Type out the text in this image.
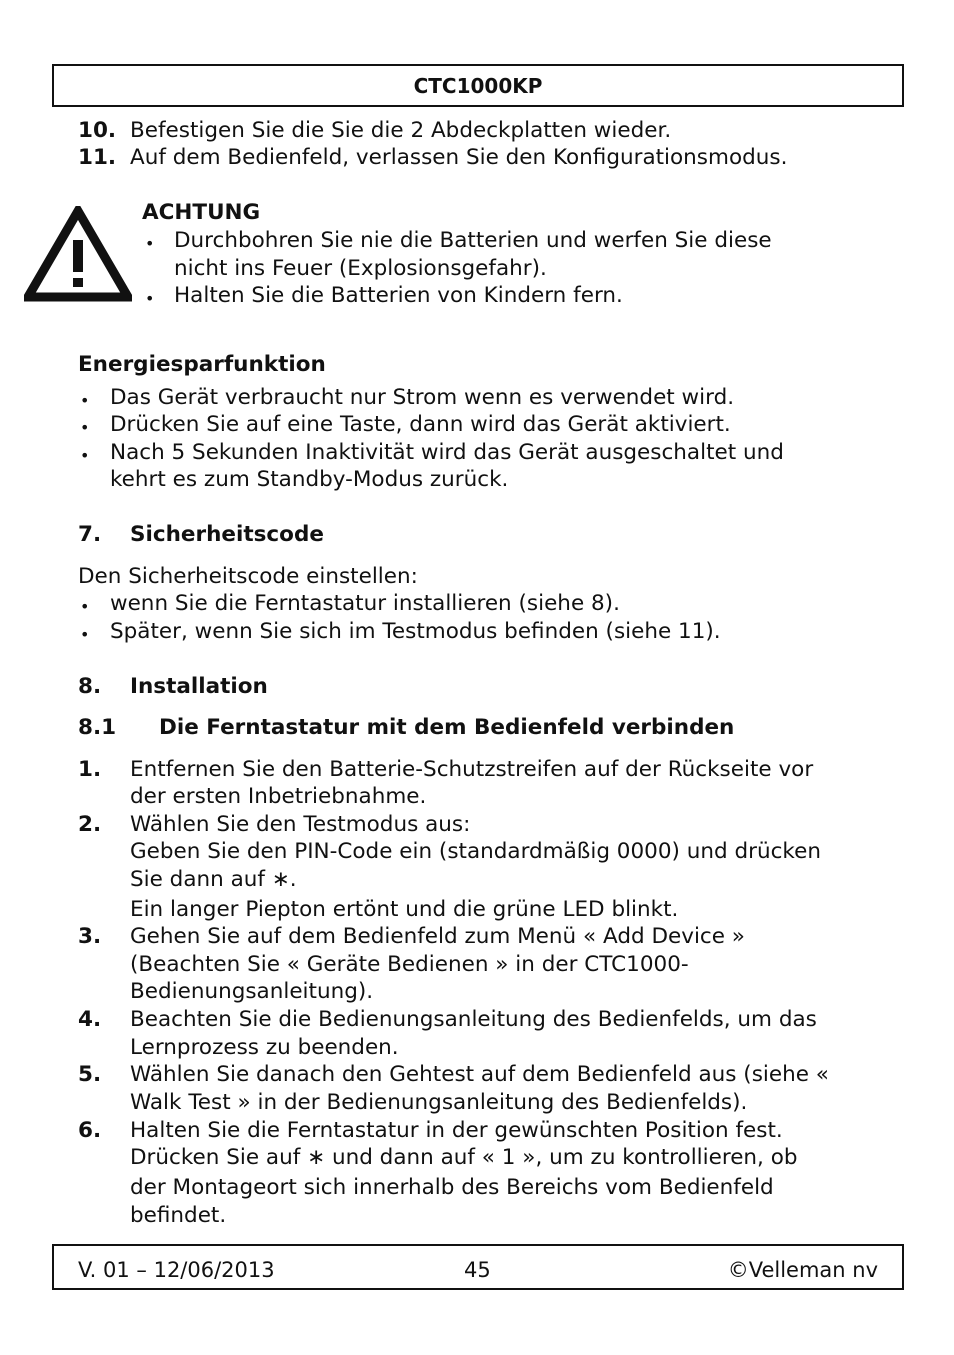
CTC1000KP
10. Befestigen Sie die Sie die 2 Abdeckplatten wieder.
11. Auf dem Bedienfeld, verlassen Sie den Konfigurationsmodus.
ACHTUNG
• Durchbohren Sie nie die Batterien und werfen Sie diese
nicht ins Feuer (Explosionsgefahr).
• Halten Sie die Batterien von Kindern fern.
Energiesparfunktion
• Das Gerät verbraucht nur Strom wenn es verwendet wird.
• Drücken Sie auf eine Taste, dann wird das Gerät aktiviert.
• Nach 5 Sekunden Inaktivität wird das Gerät ausgeschaltet und
kehrt es zum Standby-Modus zurück.
7. Sicherheitscode
Den Sicherheitscode einstellen:
• wenn Sie die Ferntastatur installieren (siehe 8).
• Später, wenn Sie sich im Testmodus befinden (siehe 11).
8. Installation
8.1 Die Ferntastatur mit dem Bedienfeld verbinden
1. Entfernen Sie den Batterie-Schutzstreifen auf der Rückseite vor
der ersten Inbetriebnahme.
2. Wählen Sie den Testmodus aus:
Geben Sie den PIN-Code ein (standardmäßig 0000) und drücken
Sie dann auf ∗.
Ein langer Piepton ertönt und die grüne LED blinkt.
3. Gehen Sie auf dem Bedienfeld zum Menü « Add Device »
(Beachten Sie « Geräte Bedienen » in der CTC1000-
Bedienungsanleitung).
4. Beachten Sie die Bedienungsanleitung des Bedienfelds, um das
Lernprozess zu beenden.
5. Wählen Sie danach den Gehtest auf dem Bedienfeld aus (siehe «
Walk Test » in der Bedienungsanleitung des Bedienfelds).
6. Halten Sie die Ferntastatur in der gewünschten Position fest.
Drücken Sie auf ∗ und dann auf « 1 », um zu kontrollieren, ob
der Montageort sich innerhalb des Bereichs vom Bedienfeld
befindet.
V. 01 – 12/06/2013	45	©Velleman nv
